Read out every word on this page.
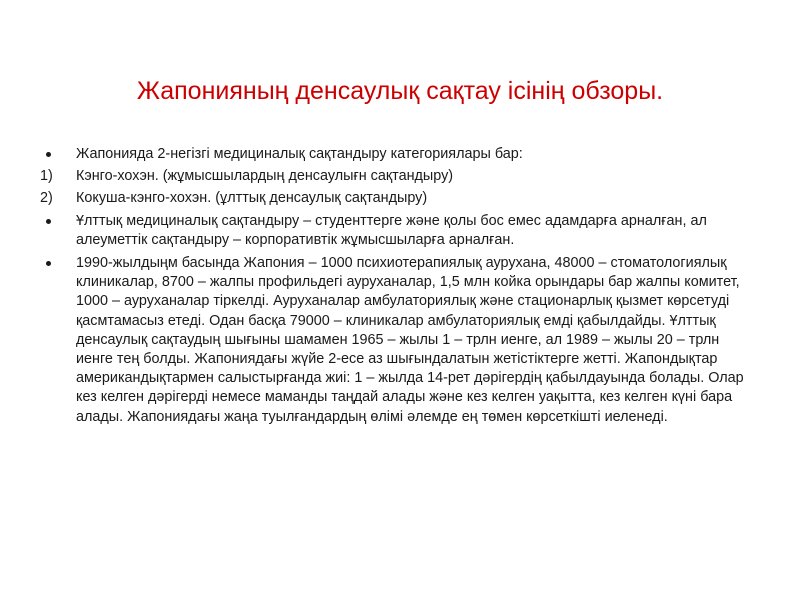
Жапонияның денсаулық сақтау ісінің обзоры.
Жапонияда 2-негізгі медициналық сақтандыру категориялары бар:
1) Кэнго-хохэн. (жұмысшылардың денсаулығн сақтандыру)
2) Кокуша-кэнго-хохэн. (ұлттық денсаулық сақтандыру)
Ұлттық медициналық сақтандыру – студенттерге және қолы бос емес адамдарға арналған, ал алеуметтік сақтандыру – корпоративтік жұмысшыларға арналған.
1990-жылдыңм басында Жапония – 1000 психиотерапиялық аурухана, 48000 – стоматологиялық клиникалар, 8700 – жалпы профильдегі ауруханалар, 1,5 млн койка орындары бар жалпы комитет, 1000 – ауруханалар тіркелді. Ауруханалар амбулаториялық және стационарлық қызмет көрсетуді қасмтамасыз етеді. Одан басқа 79000 – клиникалар амбулаториялық емді қабылдайды. Ұлттық денсаулық сақтаудың шығыны шамамен 1965 – жылы 1 – трлн иенге, ал 1989 – жылы 20 – трлн иенге тең болды. Жапониядағы жүйе 2-есе аз шығындалатын жетістіктерге жетті. Жапондықтар американдықтармен салыстырғанда жиі: 1 – жылда 14-рет дәрігердің қабылдауында болады. Олар кез келген дәрігерді немесе маманды таңдай алады және кез келген уақытта, кез келген күні бара алады. Жапониядағы жаңа туылғандардың өлімі әлемде ең төмен көрсеткішті иеленеді.
